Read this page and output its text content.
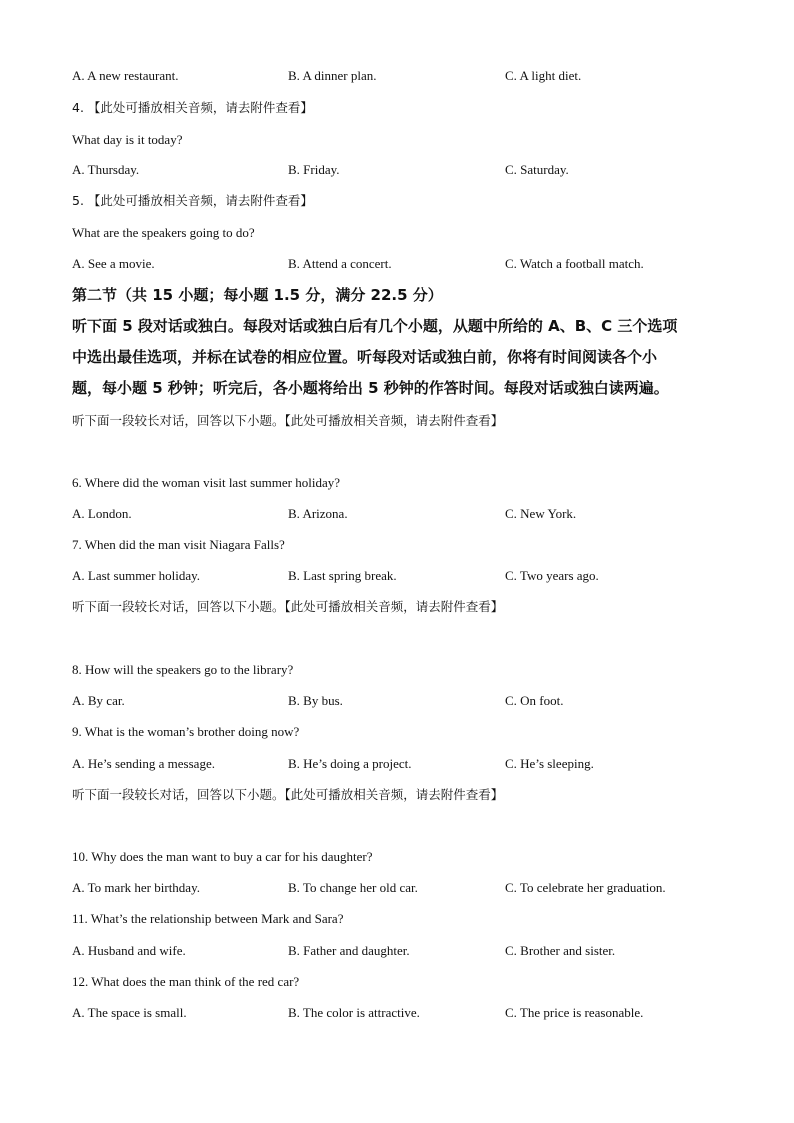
A. A new restaurant.	B. A dinner plan.	C. A light diet.
4. 【此处可播放相关音频，请去附件查看】
What day is it today?
A. Thursday.	B. Friday.	C. Saturday.
5. 【此处可播放相关音频，请去附件查看】
What are the speakers going to do?
A. See a movie.	B. Attend a concert.	C. Watch a football match.
第二节（共 15 小题；每小题 1.5 分，满分 22.5 分）
听下面 5 段对话或独白。每段对话或独白后有几个小题，从题中所给的 A、B、C 三个选项
中选出最佳选项，并标在试卷的相应位置。听每段对话或独白前，你将有时间阅读各个小
题，每小题 5 秒钟；听完后，各小题将给出 5 秒钟的作答时间。每段对话或独白读两遍。
听下面一段较长对话，回答以下小题。【此处可播放相关音频，请去附件查看】
6. Where did the woman visit last summer holiday?
A. London.	B. Arizona.	C. New York.
7. When did the man visit Niagara Falls?
A. Last summer holiday.	B. Last spring break.	C. Two years ago.
听下面一段较长对话，回答以下小题。【此处可播放相关音频，请去附件查看】
8. How will the speakers go to the library?
A. By car.	B. By bus.	C. On foot.
9. What is the woman’s brother doing now?
A. He’s sending a message.	B. He’s doing a project.	C. He’s sleeping.
听下面一段较长对话，回答以下小题。【此处可播放相关音频，请去附件查看】
10. Why does the man want to buy a car for his daughter?
A. To mark her birthday.	B. To change her old car.	C. To celebrate her graduation.
11. What’s the relationship between Mark and Sara?
A. Husband and wife.	B. Father and daughter.	C. Brother and sister.
12. What does the man think of the red car?
A. The space is small.	B. The color is attractive.	C. The price is reasonable.
